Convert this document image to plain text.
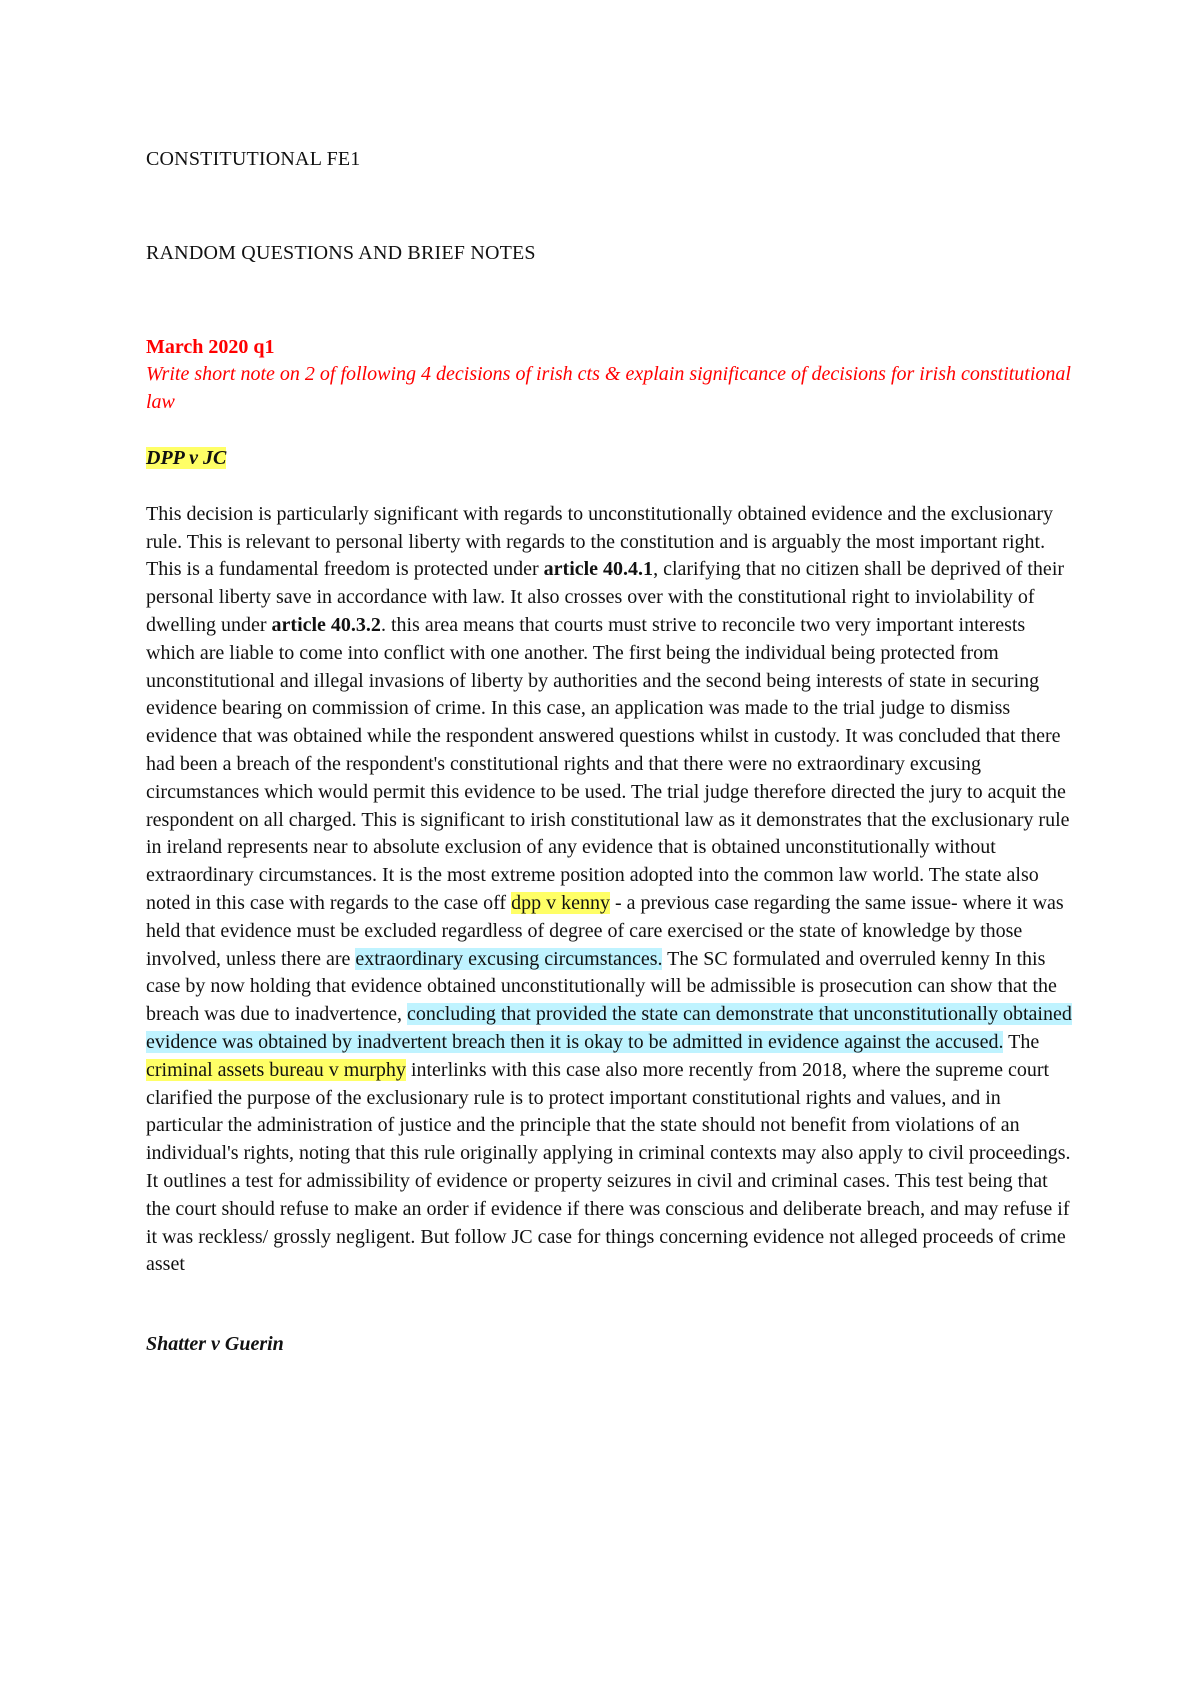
CONSTITUTIONAL FE1
RANDOM QUESTIONS AND BRIEF NOTES
March 2020 q1
Write short note on 2 of following 4 decisions of irish cts & explain significance of decisions for irish constitutional law
DPP v JC
This decision is particularly significant with regards to unconstitutionally obtained evidence and the exclusionary rule. This is relevant to personal liberty with regards to the constitution and is arguably the most important right. This is a fundamental freedom is protected under article 40.4.1, clarifying that no citizen shall be deprived of their personal liberty save in accordance with law. It also crosses over with the constitutional right to inviolability of dwelling under article 40.3.2. this area means that courts must strive to reconcile two very important interests which are liable to come into conflict with one another. The first being the individual being protected from unconstitutional and illegal invasions of liberty by authorities and the second being interests of state in securing evidence bearing on commission of crime. In this case, an application was made to the trial judge to dismiss evidence that was obtained while the respondent answered questions whilst in custody. It was concluded that there had been a breach of the respondent's constitutional rights and that there were no extraordinary excusing circumstances which would permit this evidence to be used. The trial judge therefore directed the jury to acquit the respondent on all charged. This is significant to irish constitutional law as it demonstrates that the exclusionary rule in ireland represents near to absolute exclusion of any evidence that is obtained unconstitutionally without extraordinary circumstances. It is the most extreme position adopted into the common law world. The state also noted in this case with regards to the case off dpp v kenny - a previous case regarding the same issue- where it was held that evidence must be excluded regardless of degree of care exercised or the state of knowledge by those involved, unless there are extraordinary excusing circumstances. The SC formulated and overruled kenny In this case by now holding that evidence obtained unconstitutionally will be admissible is prosecution can show that the breach was due to inadvertence, concluding that provided the state can demonstrate that unconstitutionally obtained evidence was obtained by inadvertent breach then it is okay to be admitted in evidence against the accused. The criminal assets bureau v murphy interlinks with this case also more recently from 2018, where the supreme court clarified the purpose of the exclusionary rule is to protect important constitutional rights and values, and in particular the administration of justice and the principle that the state should not benefit from violations of an individual's rights, noting that this rule originally applying in criminal contexts may also apply to civil proceedings. It outlines a test for admissibility of evidence or property seizures in civil and criminal cases. This test being that the court should refuse to make an order if evidence if there was conscious and deliberate breach, and may refuse if it was reckless/ grossly negligent. But follow JC case for things concerning evidence not alleged proceeds of crime asset
Shatter v Guerin
